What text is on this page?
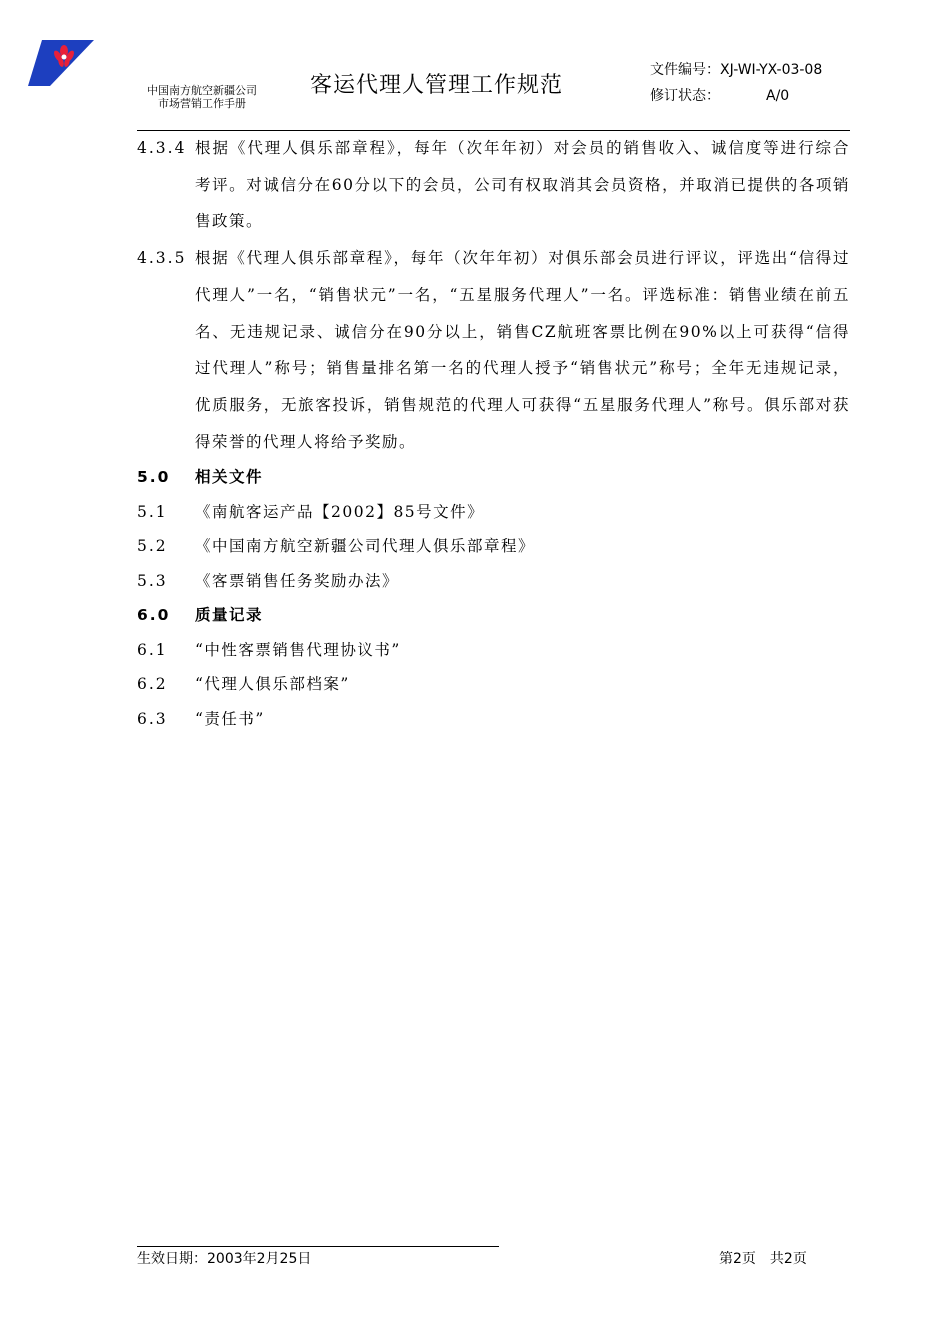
中国南方航空新疆公司
市场营销工作手册
客运代理人管理工作规范
文件编号：XJ-WI-YX-03-08
修订状态：	A/0
4.3.4 根据《代理人俱乐部章程》，每年（次年年初）对会员的销售收入、诚信度等进行综合考评。对诚信分在60分以下的会员，公司有权取消其会员资格，并取消已提供的各项销售政策。
4.3.5 根据《代理人俱乐部章程》，每年（次年年初）对俱乐部会员进行评议，评选出“信得过代理人”一名，“销售状元”一名，“五星服务代理人”一名。评选标准：销售业绩在前五名、无违规记录、诚信分在90分以上，销售CZ航班客票比例在90%以上可获得“信得过代理人”称号；销售量排名第一名的代理人授予“销售状元”称号；全年无违规记录，优质服务，无旅客投诉，销售规范的代理人可获得“五星服务代理人”称号。俱乐部对获得荣誉的代理人将给予奖励。
5.0	相关文件
5.1	《南航客运产品【2002】85号文件》
5.2	《中国南方航空新疆公司代理人俱乐部章程》
5.3	《客票销售任务奖励办法》
6.0	质量记录
6.1	“中性客票销售代理协议书”
6.2	“代理人俱乐部档案”
6.3	“责任书”
生效日期：2003年2月25日	第2页 共2页
